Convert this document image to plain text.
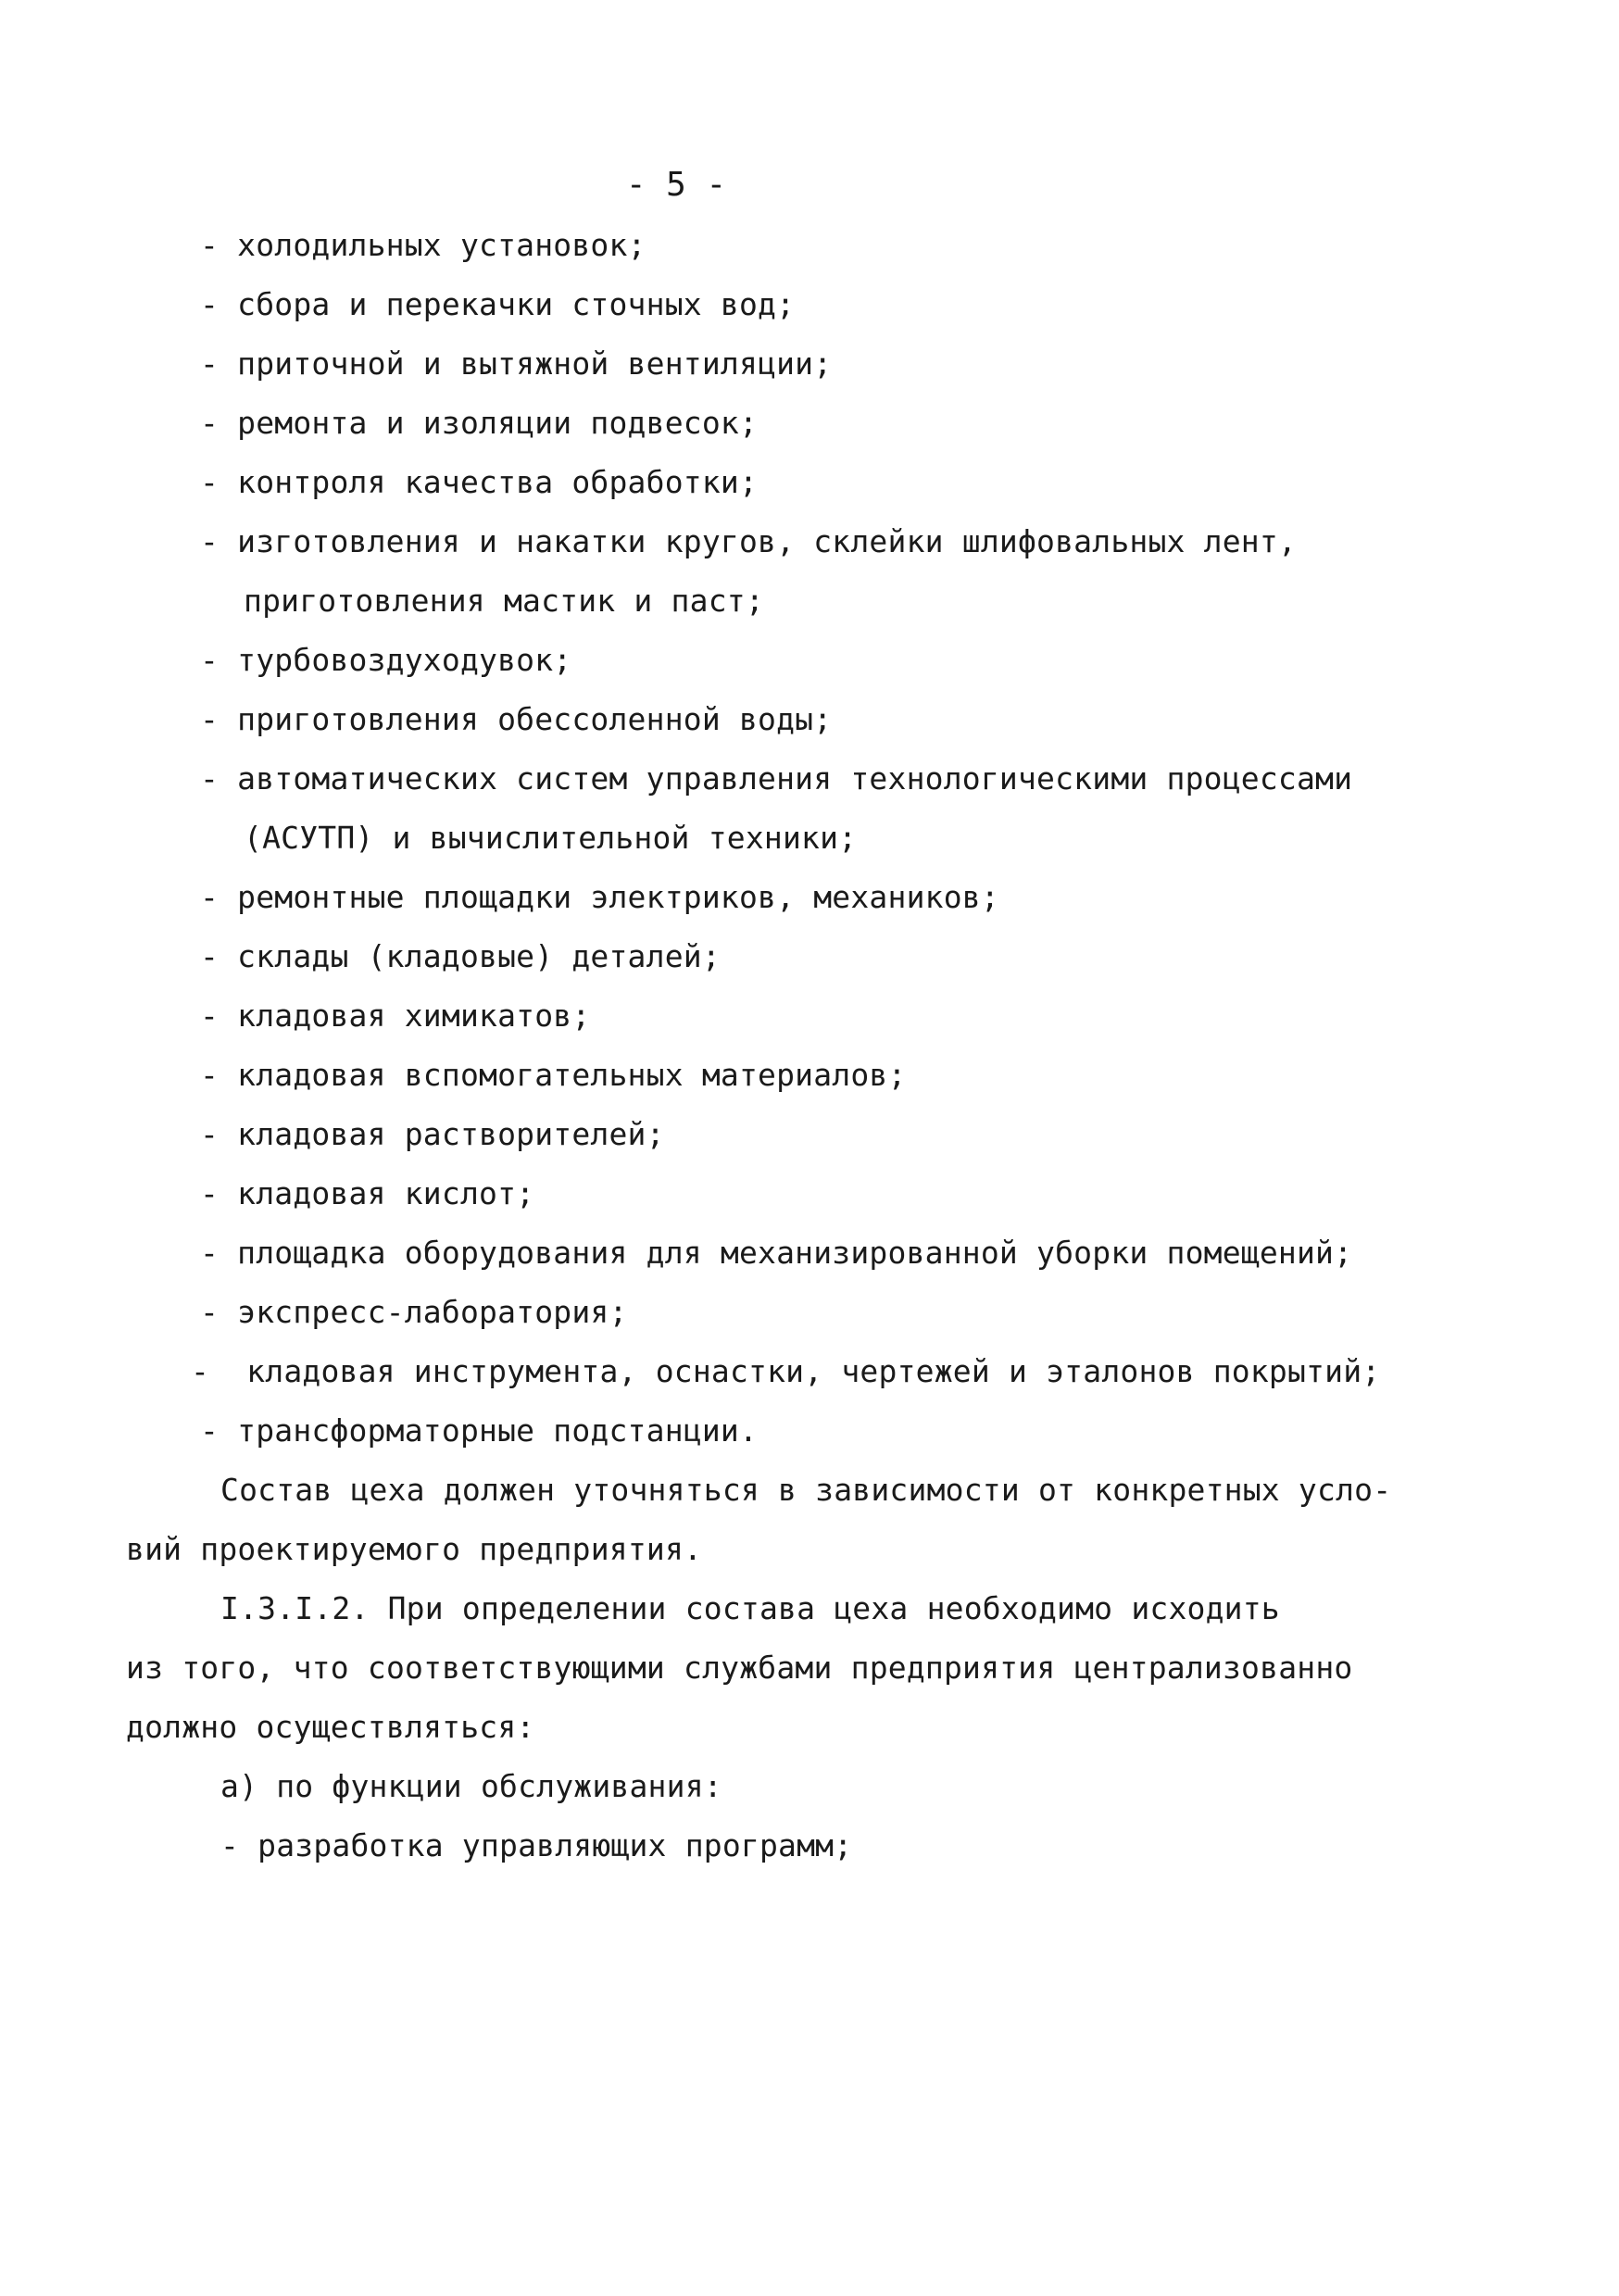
- 5 -
- холодильных установок;
- сбора и перекачки сточных вод;
- приточной и вытяжной вентиляции;
- ремонта и изоляции подвесок;
- контроля качества обработки;
- изготовления и накатки кругов, склейки шлифовальных лент,
приготовления мастик и паст;
- турбовоздуходувок;
- приготовления обессоленной воды;
- автоматических систем управления технологическими процессами
(АСУТП) и вычислительной техники;
- ремонтные площадки электриков, механиков;
- склады (кладовые) деталей;
- кладовая химикатов;
- кладовая вспомогательных материалов;
- кладовая растворителей;
- кладовая кислот;
- площадка оборудования для механизированной уборки помещений;
- экспресс-лаборатория;
-  кладовая инструмента, оснастки, чертежей и эталонов покрытий;
- трансформаторные подстанции.
Состав цеха должен уточняться в зависимости от конкретных усло-
вий проектируемого предприятия.
I.3.I.2. При определении состава цеха необходимо исходить
из того, что соответствующими службами предприятия централизованно
должно осуществляться:
а) по функции обслуживания:
- разработка управляющих программ;
